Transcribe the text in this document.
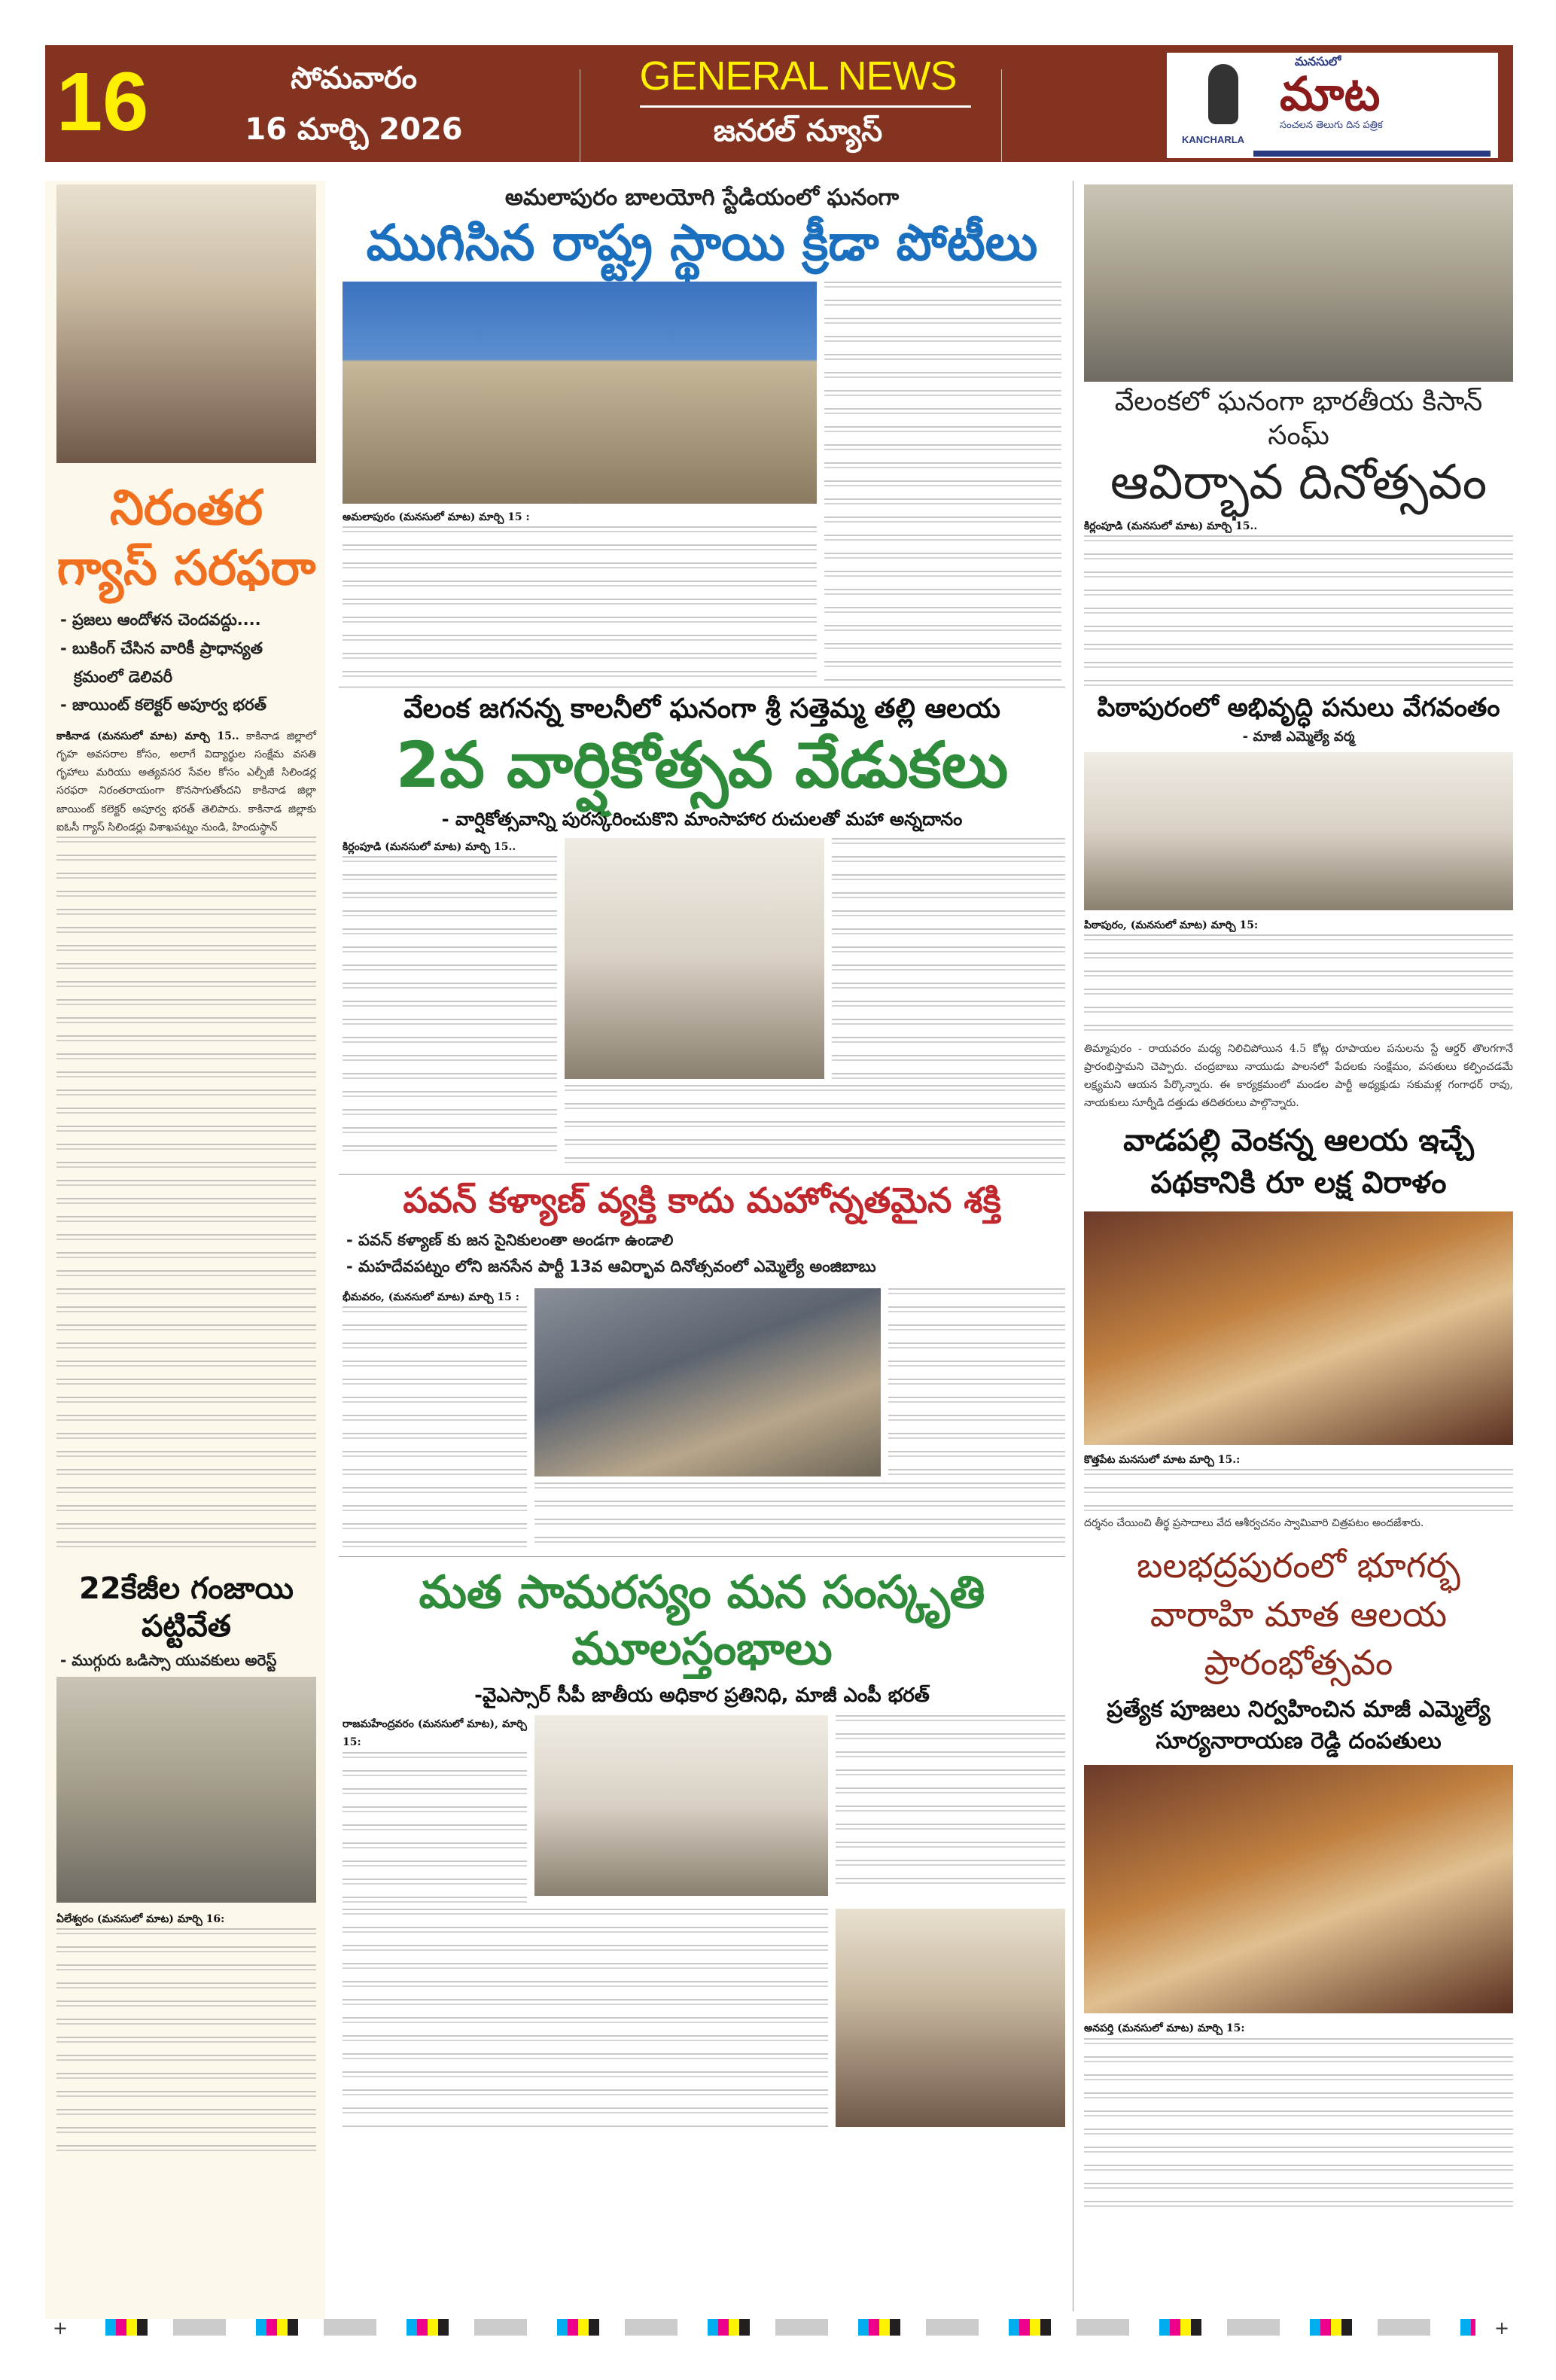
16	సోమవారం
16 మార్చి 2026
GENERAL NEWS
జనరల్ న్యూస్	KANCHARLA
మనసులో
మాట
సంచలన తెలుగు దిన పత్రిక
నిరంతర
గ్యాస్ సరఫరా
- ప్రజలు ఆందోళన చెందవద్దు....
- బుకింగ్ చేసిన వారికీ ప్రాధాన్యత
క్రమంలో డెలివరీ
- జాయింట్ కలెక్టర్ అపూర్వ భరత్
కాకినాడ (మనసులో మాట) మార్చి 15.. కాకినాడ జిల్లాలో గృహ అవసరాల కోసం, అలాగే విద్యార్థుల సంక్షేమ వసతి గృహాలు మరియు అత్యవసర సేవల కోసం ఎల్పీజీ సిలిండర్ల సరఫరా నిరంతరాయంగా కొనసాగుతోందని కాకినాడ జిల్లా జాయింట్ కలెక్టర్ అపూర్వ భరత్ తెలిపారు. కాకినాడ జిల్లాకు ఐఓసీ గ్యాస్ సిలిండర్లు విశాఖపట్నం నుండి, హిందుస్థాన్
22కేజీల గంజాయి పట్టివేత
- ముగ్గురు ఒడిస్సా యువకులు అరెస్ట్
ఏలేశ్వరం (మనసులో మాట) మార్చి 16:
అమలాపురం బాలయోగి స్టేడియంలో ఘనంగా
ముగిసిన రాష్ట్ర స్థాయి క్రీడా పోటీలు
అమలాపురం (మనసులో మాట) మార్చి 15 :
వేలంక జగనన్న కాలనీలో ఘనంగా శ్రీ సత్తెమ్మ తల్లి ఆలయ
2వ వార్షికోత్సవ వేడుకలు
- వార్షికోత్సవాన్ని పురస్కరించుకొని మాంసాహార రుచులతో మహా అన్నదానం
కిర్లంపూడి (మనసులో మాట) మార్చి 15..
పవన్ కళ్యాణ్ వ్యక్తి కాదు మహోన్నతమైన శక్తి
- పవన్ కళ్యాణ్ కు జన సైనికులంతా అండగా ఉండాలి
- మహదేవపట్నం లోని జనసేన పార్టీ 13వ ఆవిర్భావ దినోత్సవంలో ఎమ్మెల్యే అంజిబాబు
భీమవరం, (మనసులో మాట) మార్చి 15 :
మత సామరస్యం మన సంస్కృతి మూలస్తంభాలు
-వైఎస్సార్ సీపీ జాతీయ అధికార ప్రతినిధి, మాజీ ఎంపీ భరత్
రాజమహేంద్రవరం (మనసులో మాట), మార్చి 15:
వేలంకలో ఘనంగా భారతీయ కిసాన్ సంఘ్
ఆవిర్భావ దినోత్సవం
కిర్లంపూడి (మనసులో మాట) మార్చి 15..
పిఠాపురంలో అభివృద్ధి పనులు వేగవంతం
- మాజీ ఎమ్మెల్యే వర్మ
పిఠాపురం, (మనసులో మాట) మార్చి 15:
తిమ్మాపురం - రాయవరం మధ్య నిలిచిపోయిన 4.5 కోట్ల రూపాయల పనులను స్టే ఆర్డర్ తొలగగానే ప్రారంభిస్తామని చెప్పారు. చంద్రబాబు నాయుడు పాలనలో పేదలకు సంక్షేమం, వసతులు కల్పించడమే లక్ష్యమని ఆయన పేర్కొన్నారు. ఈ కార్యక్రమంలో మండల పార్టీ అధ్యక్షుడు సకుమళ్ల గంగాధర్ రావు, నాయకులు సూర్నీడి దత్తుడు తదితరులు పాల్గొన్నారు.
వాడపల్లి వెంకన్న ఆలయ ఇచ్చే పథకానికి రూ లక్ష విరాళం
కొత్తపేట మనసులో మాట మార్చి 15.:
దర్శనం చేయించి తీర్థ ప్రసాదాలు వేద ఆశీర్వచనం స్వామివారి చిత్రపటం అందజేశారు.
బలభద్రపురంలో భూగర్భ వారాహి మాత ఆలయ ప్రారంభోత్సవం
ప్రత్యేక పూజలు నిర్వహించిన మాజీ ఎమ్మెల్యే సూర్యనారాయణ రెడ్డి దంపతులు
అనపర్తి (మనసులో మాట) మార్చి 15:
+	+
